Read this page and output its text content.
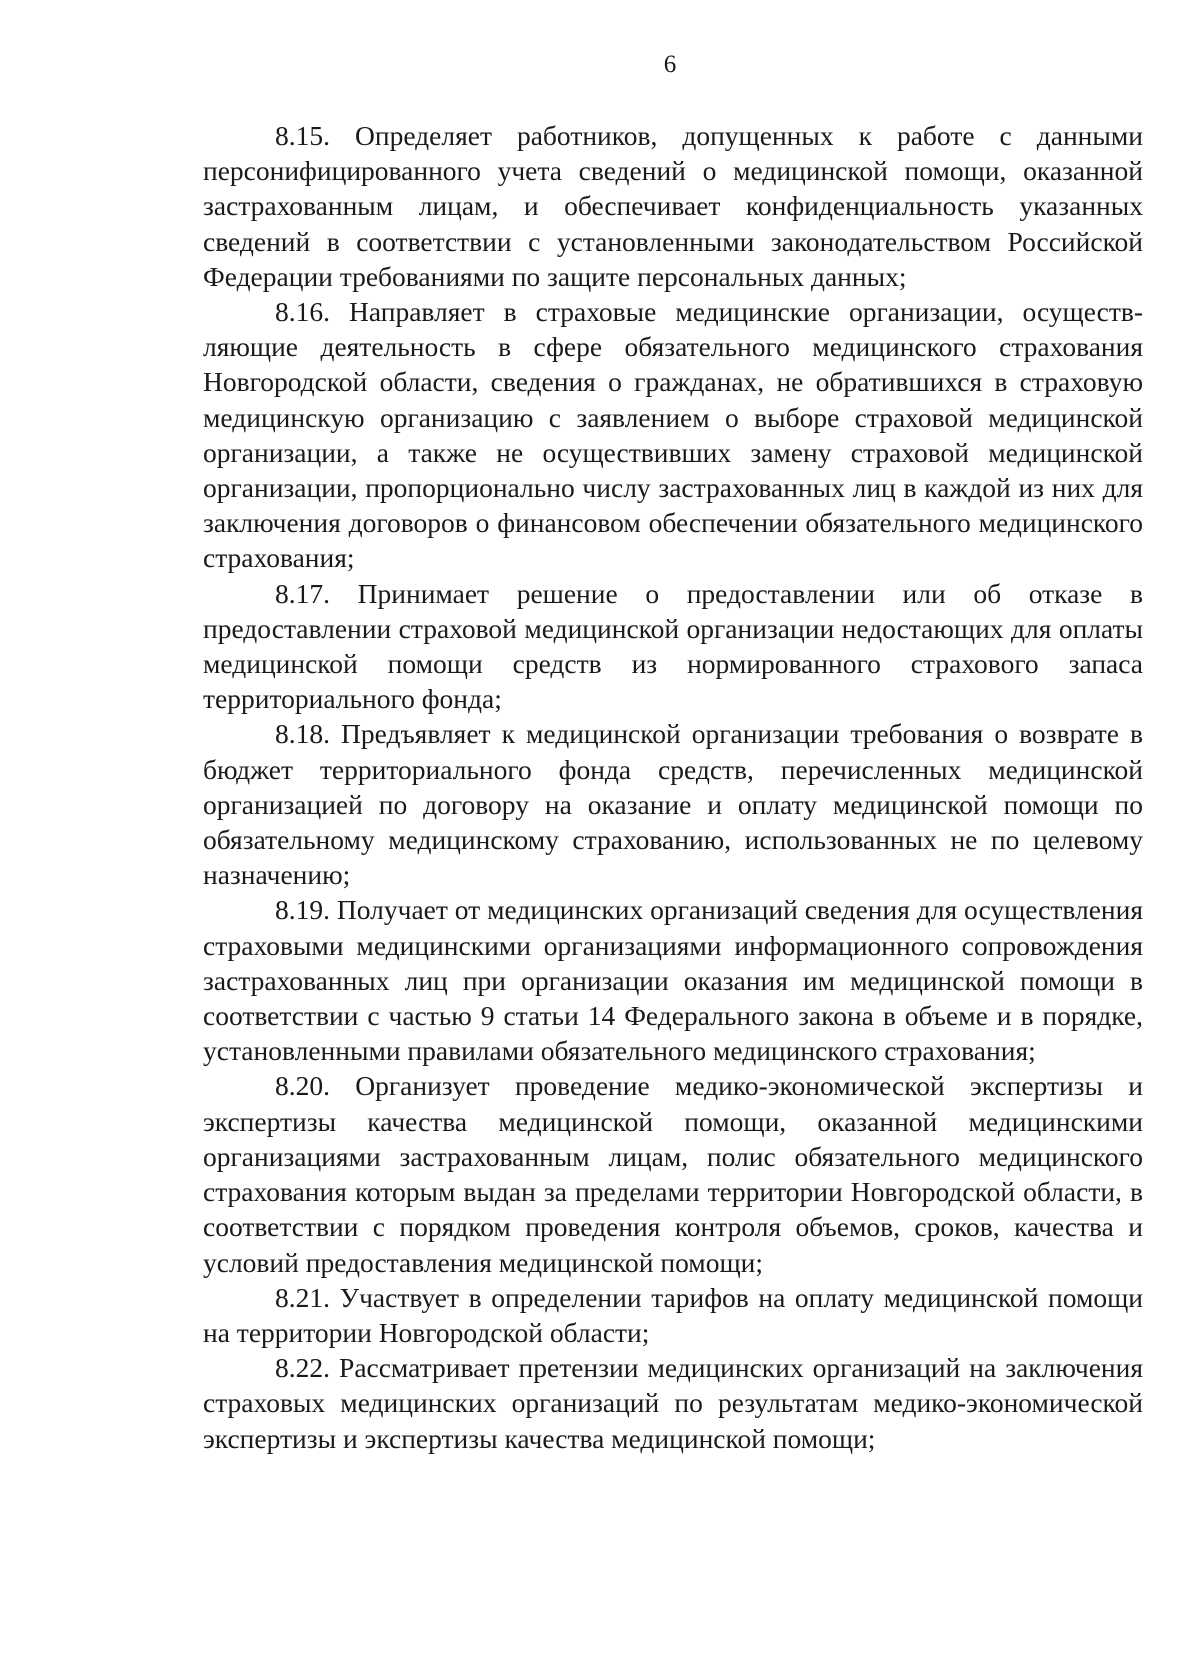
6

8.15. Определяет работников, допущенных к работе с данными персонифицированного учета сведений о медицинской помощи, оказанной застрахованным лицам, и обеспечивает конфиденциальность указанных сведений в соответствии с установленными законодательством Российской Федерации требованиями по защите персональных данных;

8.16. Направляет в страховые медицинские организации, осуществляющие деятельность в сфере обязательного медицинского страхования Новгородской области, сведения о гражданах, не обратившихся в страховую медицинскую организацию с заявлением о выборе страховой медицинской организации, а также не осуществивших замену страховой медицинской организации, пропорционально числу застрахованных лиц в каждой из них для заключения договоров о финансовом обеспечении обязательного медицинского страхования;

8.17. Принимает решение о предоставлении или об отказе в предоставлении страховой медицинской организации недостающих для оплаты медицинской помощи средств из нормированного страхового запаса территориального фонда;

8.18. Предъявляет к медицинской организации требования о возврате в бюджет территориального фонда средств, перечисленных медицинской организацией по договору на оказание и оплату медицинской помощи по обязательному медицинскому страхованию, использованных не по целевому назначению;

8.19. Получает от медицинских организаций сведения для осуществления страховыми медицинскими организациями информационного сопровождения застрахованных лиц при организации оказания им медицинской помощи в соответствии с частью 9 статьи 14 Федерального закона в объеме и в порядке, установленными правилами обязательного медицинского страхования;

8.20. Организует проведение медико-экономической экспертизы и экспертизы качества медицинской помощи, оказанной медицинскими организациями застрахованным лицам, полис обязательного медицинского страхования которым выдан за пределами территории Новгородской области, в соответствии с порядком проведения контроля объемов, сроков, качества и условий предоставления медицинской помощи;

8.21. Участвует в определении тарифов на оплату медицинской помощи на территории Новгородской области;

8.22. Рассматривает претензии медицинских организаций на заключения страховых медицинских организаций по результатам медико-экономической экспертизы и экспертизы качества медицинской помощи;
